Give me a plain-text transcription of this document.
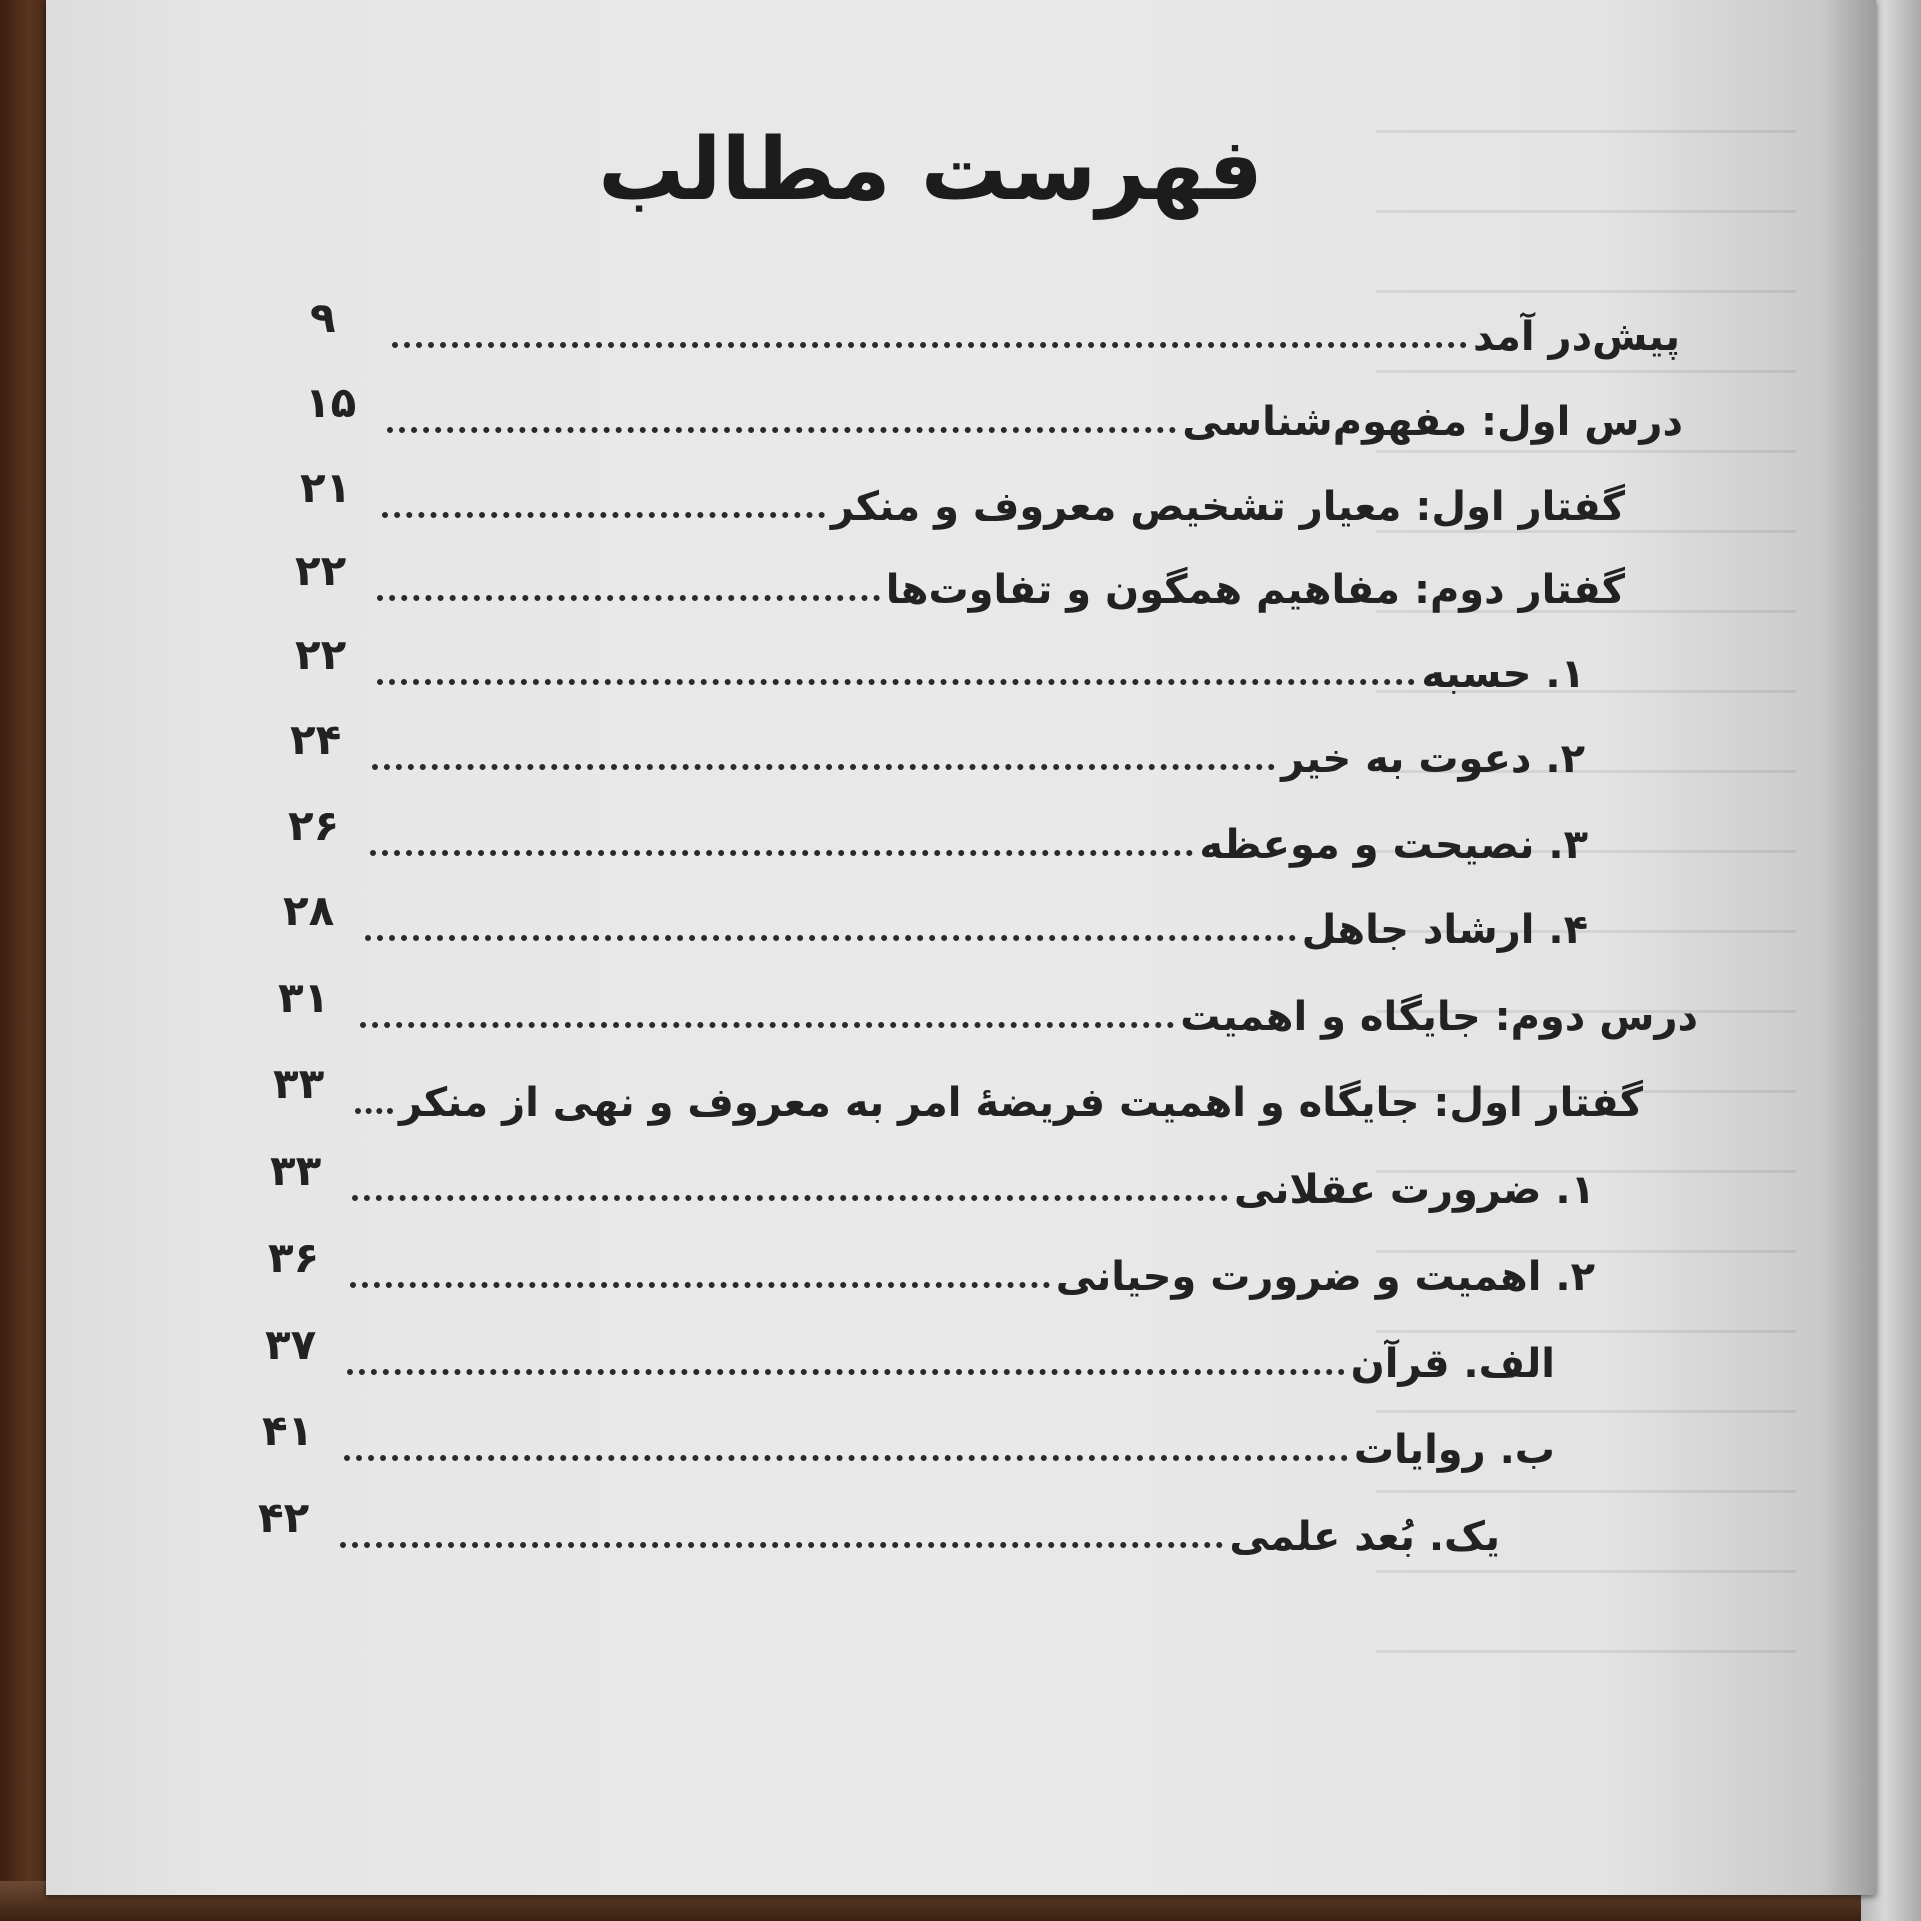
فهرست مطالب
پیش‌در آمد
۹
درس اول: مفهوم‌شناسی
۱۵
گفتار اول: معیار تشخیص معروف و منکر
۲۱
گفتار دوم: مفاهیم همگون و تفاوت‌ها
۲۲
۱. حسبه
۲۲
۲. دعوت به خیر
۲۴
۳. نصیحت و موعظه
۲۶
۴. ارشاد جاهل
۲۸
درس دوم: جایگاه و اهمیت
۳۱
گفتار اول: جایگاه و اهمیت فریضهٔ امر به معروف و نهی از منکر
۳۳
۱. ضرورت عقلانی
۳۳
۲. اهمیت و ضرورت وحیانی
۳۶
الف. قرآن
۳۷
ب. روایات
۴۱
یک. بُعد علمی
۴۲
